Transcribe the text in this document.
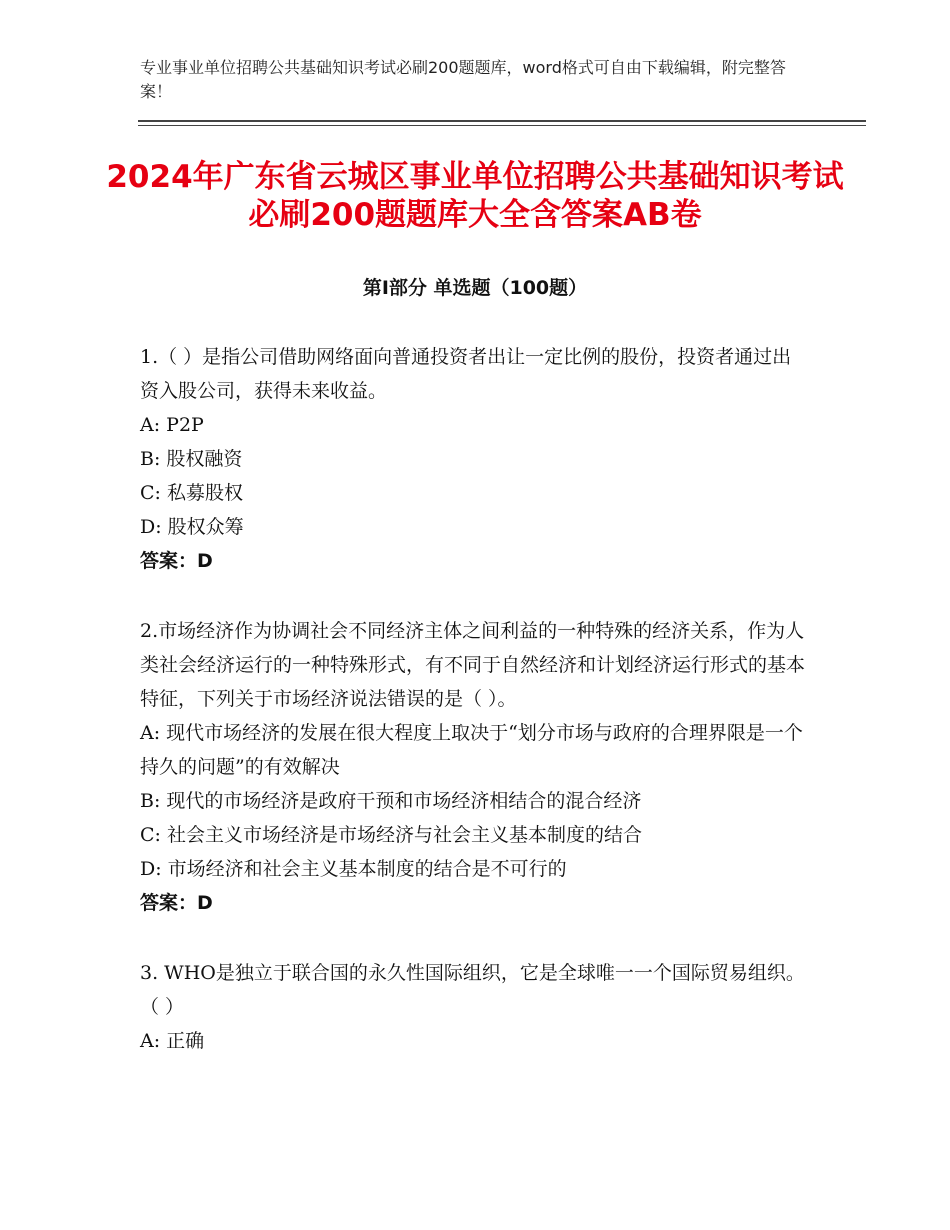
专业事业单位招聘公共基础知识考试必刷200题题库，word格式可自由下载编辑，附完整答案！
2024年广东省云城区事业单位招聘公共基础知识考试必刷200题题库大全含答案AB卷
第Ⅰ部分 单选题（100题）

1.（ ）是指公司借助网络面向普通投资者出让一定比例的股份，投资者通过出资入股公司，获得未来收益。

A: P2P

B: 股权融资

C: 私募股权

D: 股权众筹

答案：D

2.市场经济作为协调社会不同经济主体之间利益的一种特殊的经济关系，作为人类社会经济运行的一种特殊形式，有不同于自然经济和计划经济运行形式的基本特征，下列关于市场经济说法错误的是（ ）。

A: 现代市场经济的发展在很大程度上取决于“划分市场与政府的合理界限是一个持久的问题”的有效解决

B: 现代的市场经济是政府干预和市场经济相结合的混合经济

C: 社会主义市场经济是市场经济与社会主义基本制度的结合

D: 市场经济和社会主义基本制度的结合是不可行的

答案：D

3. WHO是独立于联合国的永久性国际组织，它是全球唯一一个国际贸易组织。（ ）

A: 正确
